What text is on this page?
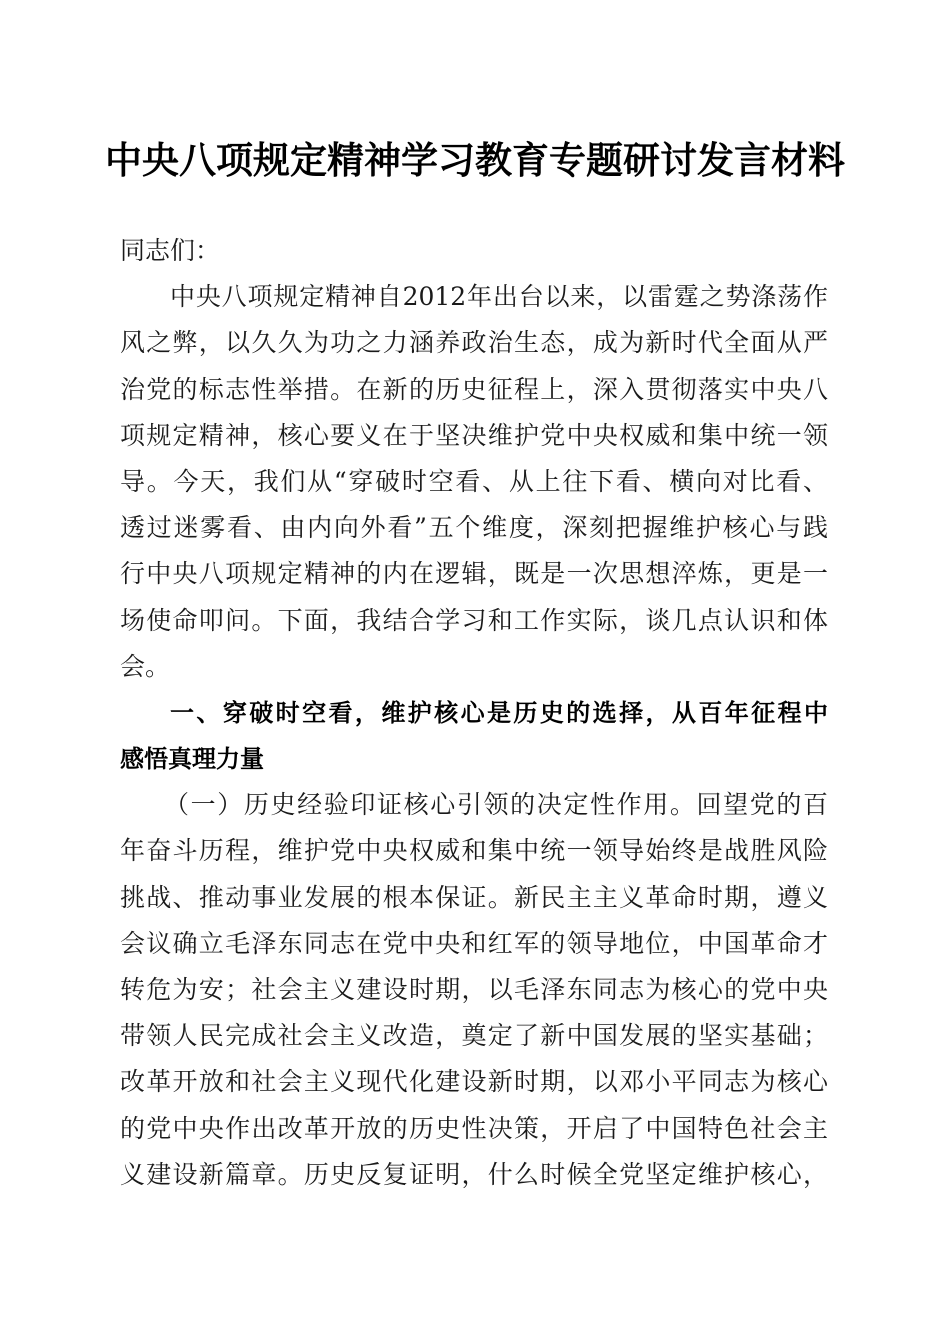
中央八项规定精神学习教育专题研讨发言材料
同志们：
中央八项规定精神自2012年出台以来，以雷霆之势涤荡作
风之弊，以久久为功之力涵养政治生态，成为新时代全面从严
治党的标志性举措。在新的历史征程上，深入贯彻落实中央八
项规定精神，核心要义在于坚决维护党中央权威和集中统一领
导。今天，我们从“穿破时空看、从上往下看、横向对比看、
透过迷雾看、由内向外看”五个维度，深刻把握维护核心与践
行中央八项规定精神的内在逻辑，既是一次思想淬炼，更是一
场使命叩问。下面，我结合学习和工作实际，谈几点认识和体
会。
一、穿破时空看，维护核心是历史的选择，从百年征程中
感悟真理力量
（一）历史经验印证核心引领的决定性作用。回望党的百
年奋斗历程，维护党中央权威和集中统一领导始终是战胜风险
挑战、推动事业发展的根本保证。新民主主义革命时期，遵义
会议确立毛泽东同志在党中央和红军的领导地位，中国革命才
转危为安；社会主义建设时期，以毛泽东同志为核心的党中央
带领人民完成社会主义改造，奠定了新中国发展的坚实基础；
改革开放和社会主义现代化建设新时期，以邓小平同志为核心
的党中央作出改革开放的历史性决策，开启了中国特色社会主
义建设新篇章。历史反复证明，什么时候全党坚定维护核心，
